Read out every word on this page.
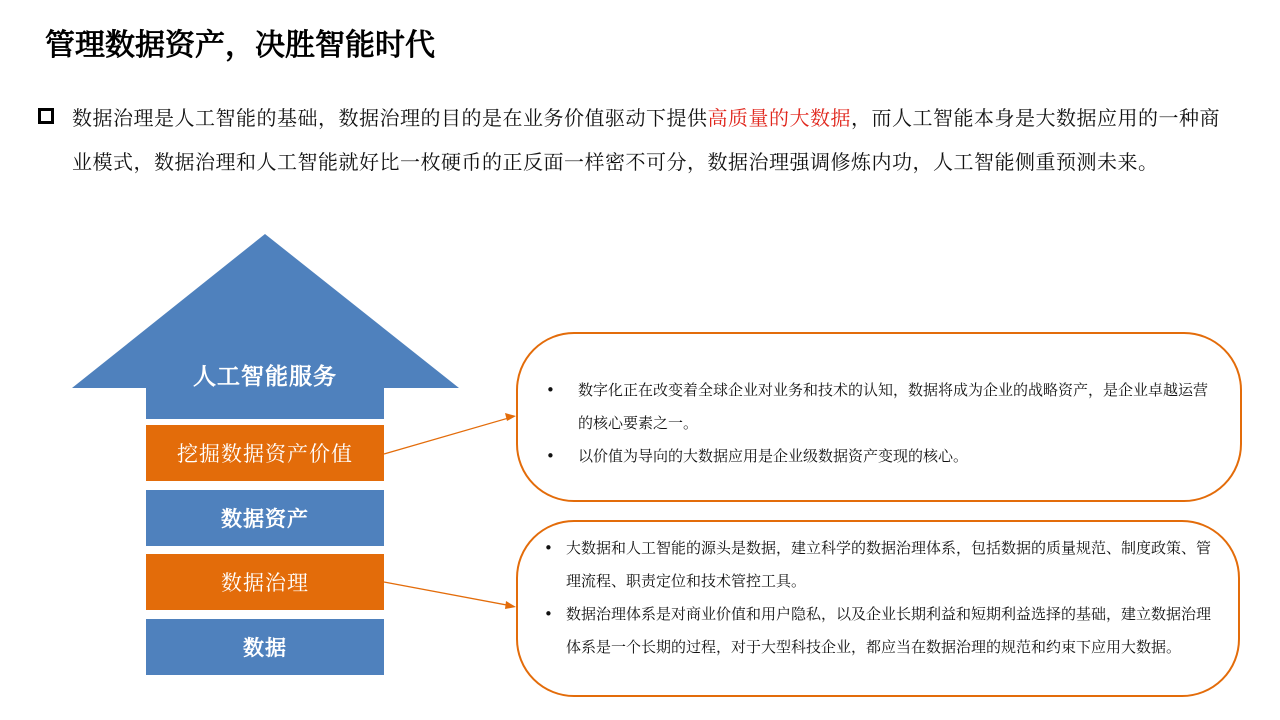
管理数据资产，决胜智能时代
数据治理是人工智能的基础，数据治理的目的是在业务价值驱动下提供高质量的大数据，而人工智能本身是大数据应用的一种商业模式，数据治理和人工智能就好比一枚硬币的正反面一样密不可分，数据治理强调修炼内功，人工智能侧重预测未来。
人工智能服务
挖掘数据资产价值
数据资产
数据治理
数据
• 数字化正在改变着全球企业对业务和技术的认知，数据将成为企业的战略资产，是企业卓越运营的核心要素之一。
• 以价值为导向的大数据应用是企业级数据资产变现的核心。
• 大数据和人工智能的源头是数据，建立科学的数据治理体系，包括数据的质量规范、制度政策、管理流程、职责定位和技术管控工具。
• 数据治理体系是对商业价值和用户隐私，以及企业长期利益和短期利益选择的基础，建立数据治理体系是一个长期的过程，对于大型科技企业，都应当在数据治理的规范和约束下应用大数据。
